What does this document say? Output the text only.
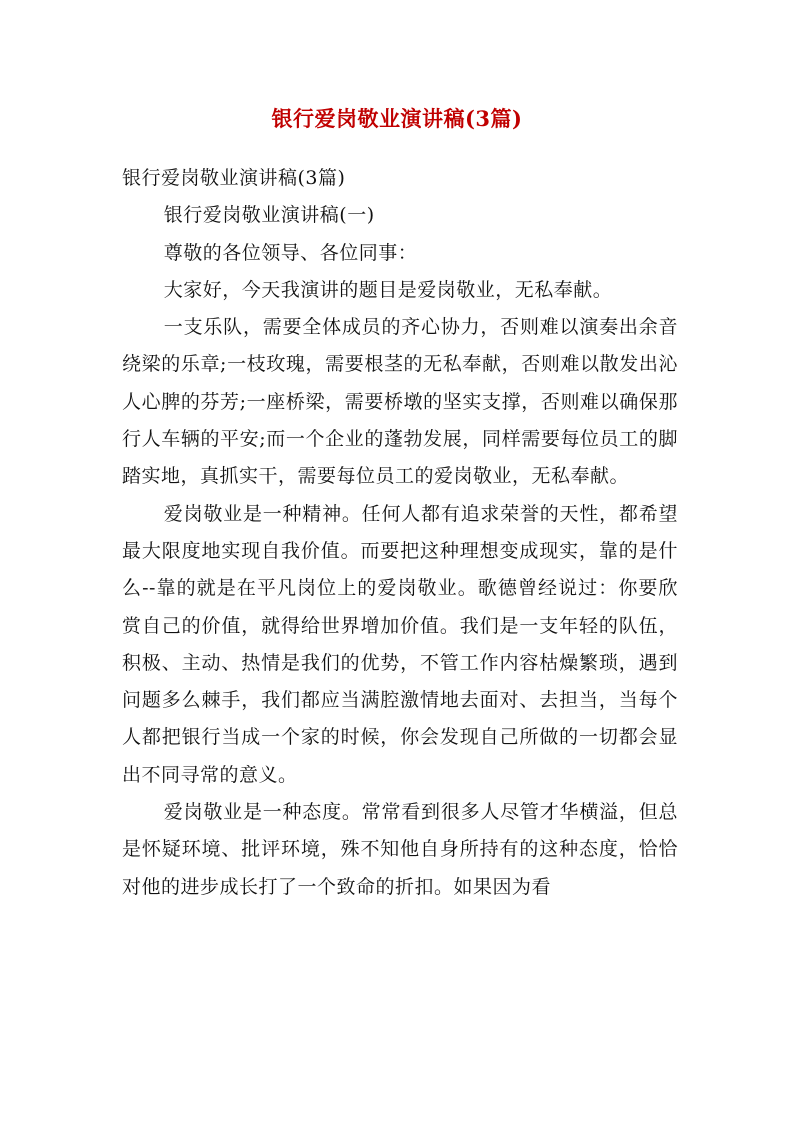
银行爱岗敬业演讲稿(3篇)

银行爱岗敬业演讲稿(3篇)

银行爱岗敬业演讲稿(一)

尊敬的各位领导、各位同事：

大家好，今天我演讲的题目是爱岗敬业，无私奉献。

一支乐队，需要全体成员的齐心协力，否则难以演奏出余音绕梁的乐章;一枝玫瑰，需要根茎的无私奉献，否则难以散发出沁人心脾的芬芳;一座桥梁，需要桥墩的坚实支撑，否则难以确保那行人车辆的平安;而一个企业的蓬勃发展，同样需要每位员工的脚踏实地，真抓实干，需要每位员工的爱岗敬业，无私奉献。

爱岗敬业是一种精神。任何人都有追求荣誉的天性，都希望最大限度地实现自我价值。而要把这种理想变成现实，靠的是什么--靠的就是在平凡岗位上的爱岗敬业。歌德曾经说过：你要欣赏自己的价值，就得给世界增加价值。我们是一支年轻的队伍，积极、主动、热情是我们的优势，不管工作内容枯燥繁琐，遇到问题多么棘手，我们都应当满腔激情地去面对、去担当，当每个人都把银行当成一个家的时候，你会发现自己所做的一切都会显出不同寻常的意义。

爱岗敬业是一种态度。常常看到很多人尽管才华横溢，但总是怀疑环境、批评环境，殊不知他自身所持有的这种态度，恰恰对他的进步成长打了一个致命的折扣。如果因为看
